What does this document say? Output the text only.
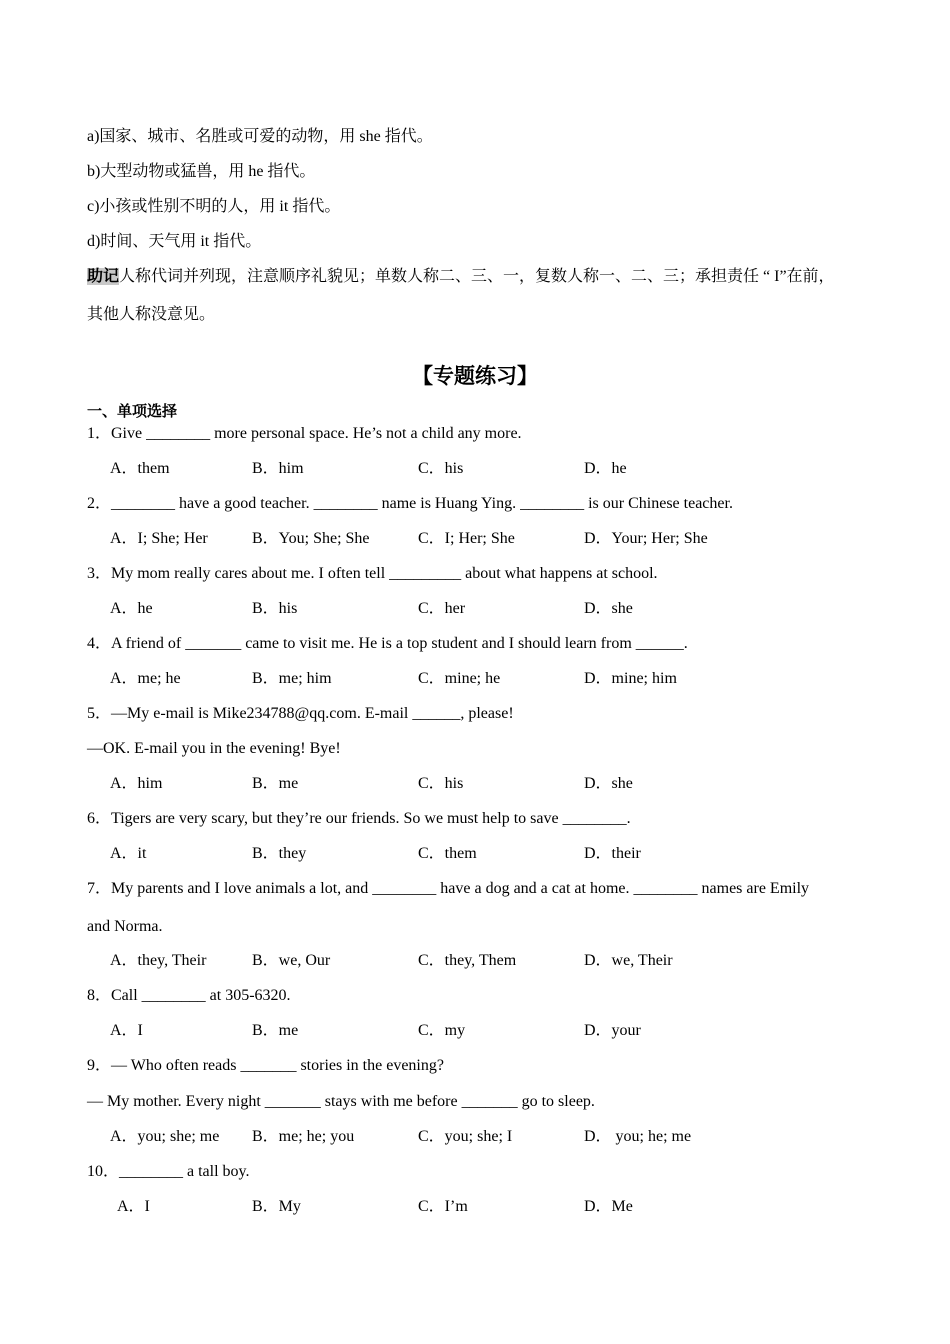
a)国家、城市、名胜或可爱的动物，用 she 指代。
b)大型动物或猛兽，用 he 指代。
c)小孩或性别不明的人，用 it 指代。
d)时间、天气用 it 指代。
助记人称代词并列现，注意顺序礼貌见；单数人称二、三、一，复数人称一、二、三；承担责任 “ I”在前，
其他人称没意见。
【专题练习】
一、单项选择
1．Give ________ more personal space. He’s not a child any more.
A．them	B．him	C．his	D．he
2．________ have a good teacher. ________ name is Huang Ying. ________ is our Chinese teacher.
A．I; She; Her	B．You; She; She	C．I; Her; She	D．Your; Her; She
3．My mom really cares about me. I often tell _________ about what happens at school.
A．he	B．his	C．her	D．she
4．A friend of _______ came to visit me. He is a top student and I should learn from ______.
A．me; he	B．me; him	C．mine; he	D．mine; him
5．—My e-mail is Mike234788@qq.com. E-mail ______, please!
—OK. E-mail you in the evening! Bye!
A．him	B．me	C．his	D．she
6．Tigers are very scary, but they’re our friends. So we must help to save ________.
A．it	B．they	C．them	D．their
7．My parents and I love animals a lot, and ________ have a dog and a cat at home. ________ names are Emily
and Norma.
A．they, Their	B．we, Our	C．they, Them	D．we, Their
8．Call ________ at 305-6320.
A．I	B．me	C．my	D．your
9．— Who often reads _______ stories in the evening?
— My mother. Every night _______ stays with me before _______ go to sleep.
A．you; she; me B．me; he; you	C．you; she; I	D． you; he; me
10．________ a tall boy.
A．I	B．My	C．I’m	D．Me
